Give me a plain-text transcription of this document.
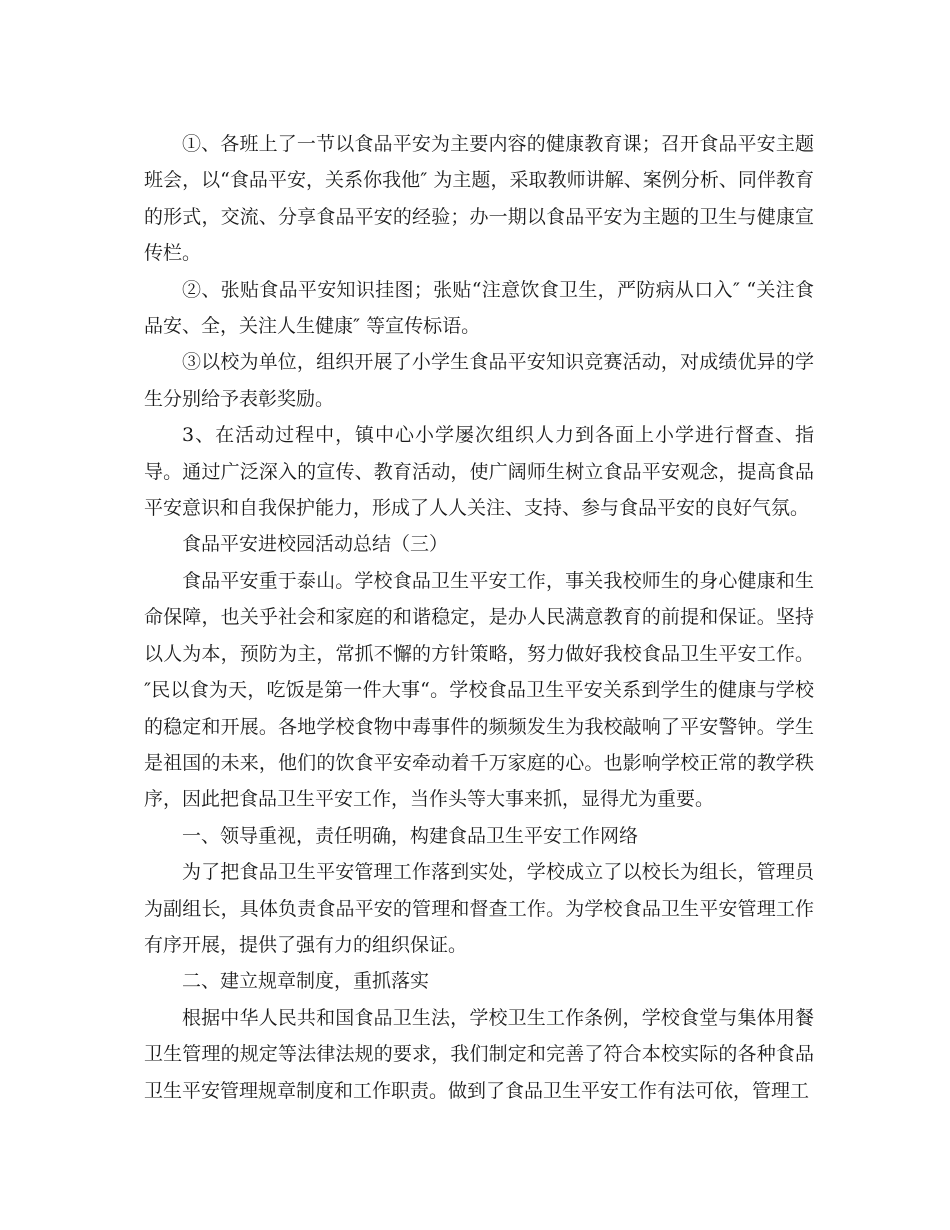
①、各班上了一节以食品平安为主要内容的健康教育课；召开食品平安主题班会，以“食品平安，关系你我他″ 为主题，采取教师讲解、案例分析、同伴教育的形式，交流、分享食品平安的经验；办一期以食品平安为主题的卫生与健康宣传栏。

②、张贴食品平安知识挂图；张贴“注意饮食卫生，严防病从口入″ “关注食品安、全，关注人生健康″ 等宣传标语。

③以校为单位，组织开展了小学生食品平安知识竞赛活动，对成绩优异的学生分别给予表彰奖励。

3、在活动过程中，镇中心小学屡次组织人力到各面上小学进行督查、指导。通过广泛深入的宣传、教育活动，使广阔师生树立食品平安观念，提高食品平安意识和自我保护能力，形成了人人关注、支持、参与食品平安的良好气氛。

食品平安进校园活动总结（三）

食品平安重于泰山。学校食品卫生平安工作，事关我校师生的身心健康和生命保障，也关乎社会和家庭的和谐稳定，是办人民满意教育的前提和保证。坚持以人为本，预防为主，常抓不懈的方针策略，努力做好我校食品卫生平安工作。″民以食为天，吃饭是第一件大事“。学校食品卫生平安关系到学生的健康与学校的稳定和开展。各地学校食物中毒事件的频频发生为我校敲响了平安警钟。学生是祖国的未来，他们的饮食平安牵动着千万家庭的心。也影响学校正常的教学秩序，因此把食品卫生平安工作，当作头等大事来抓，显得尤为重要。

一、领导重视，责任明确，构建食品卫生平安工作网络

为了把食品卫生平安管理工作落到实处，学校成立了以校长为组长，管理员为副组长，具体负责食品平安的管理和督查工作。为学校食品卫生平安管理工作有序开展，提供了强有力的组织保证。

二、建立规章制度，重抓落实

根据中华人民共和国食品卫生法，学校卫生工作条例，学校食堂与集体用餐卫生管理的规定等法律法规的要求，我们制定和完善了符合本校实际的各种食品卫生平安管理规章制度和工作职责。做到了食品卫生平安工作有法可依，管理工
